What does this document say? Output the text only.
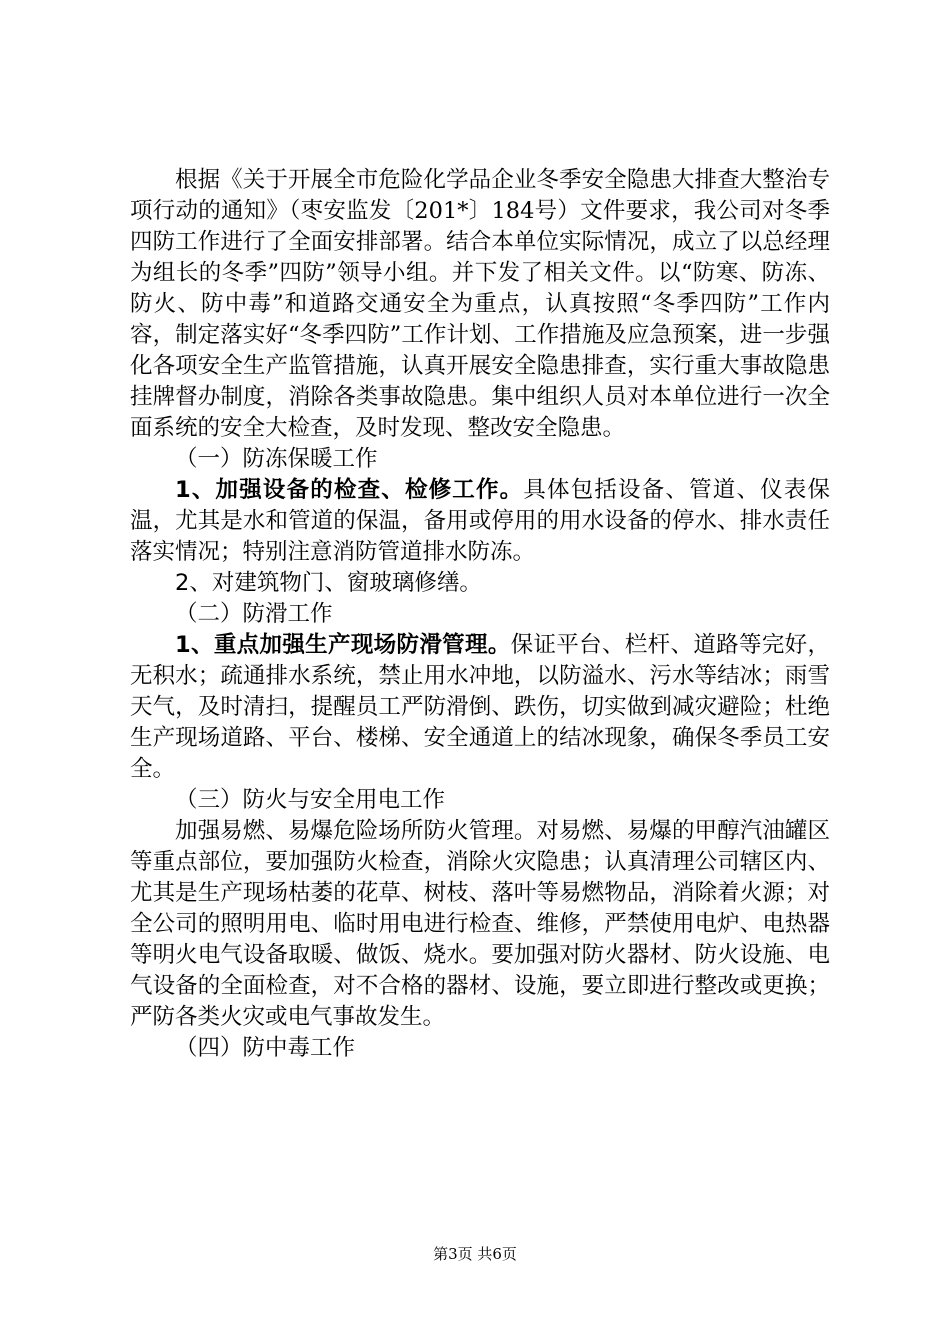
根据《关于开展全市危险化学品企业冬季安全隐患大排查大整治专项行动的通知》（枣安监发〔201*〕184号）文件要求，我公司对冬季四防工作进行了全面安排部署。结合本单位实际情况，成立了以总经理为组长的冬季”四防”领导小组。并下发了相关文件。以“防寒、防冻、防火、防中毒”和道路交通安全为重点，认真按照“冬季四防”工作内容，制定落实好“冬季四防”工作计划、工作措施及应急预案，进一步强化各项安全生产监管措施，认真开展安全隐患排查，实行重大事故隐患挂牌督办制度，消除各类事故隐患。集中组织人员对本单位进行一次全面系统的安全大检查，及时发现、整改安全隐患。

（一）防冻保暖工作

1、加强设备的检查、检修工作。具体包括设备、管道、仪表保温，尤其是水和管道的保温，备用或停用的用水设备的停水、排水责任落实情况；特别注意消防管道排水防冻。

2、对建筑物门、窗玻璃修缮。

（二）防滑工作

1、重点加强生产现场防滑管理。保证平台、栏杆、道路等完好，无积水；疏通排水系统，禁止用水冲地，以防溢水、污水等结冰；雨雪天气，及时清扫，提醒员工严防滑倒、跌伤，切实做到减灾避险；杜绝生产现场道路、平台、楼梯、安全通道上的结冰现象，确保冬季员工安全。

（三）防火与安全用电工作

加强易燃、易爆危险场所防火管理。对易燃、易爆的甲醇汽油罐区等重点部位，要加强防火检查，消除火灾隐患；认真清理公司辖区内、尤其是生产现场枯萎的花草、树枝、落叶等易燃物品，消除着火源；对全公司的照明用电、临时用电进行检查、维修，严禁使用电炉、电热器等明火电气设备取暖、做饭、烧水。要加强对防火器材、防火设施、电气设备的全面检查，对不合格的器材、设施，要立即进行整改或更换；严防各类火灾或电气事故发生。

（四）防中毒工作

第3页 共6页
